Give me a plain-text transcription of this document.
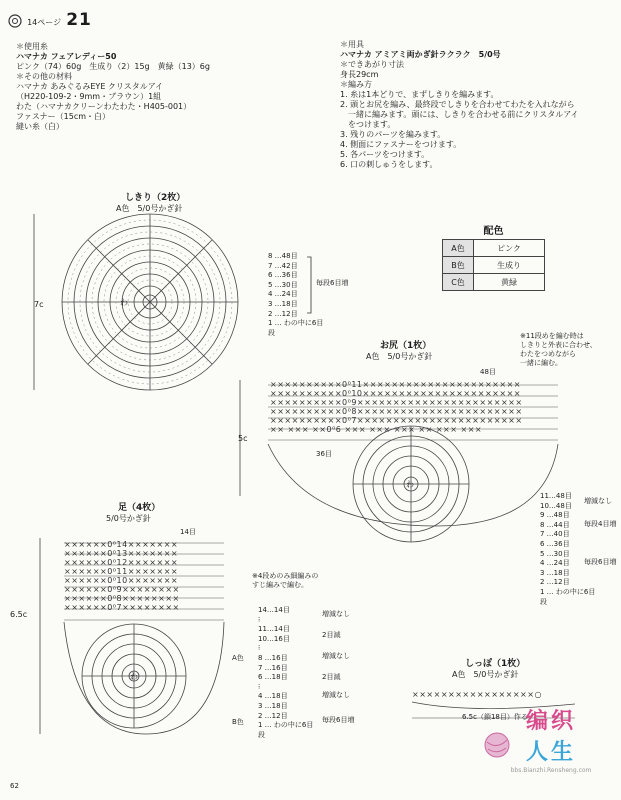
14ページ 21
＊使用糸
ハマナカ フェアレディー50
ピンク（74）60g　生成り（2）15g　黄緑（13）6g
＊その他の材料
ハマナカ あみぐるみEYE クリスタルアイ
（H220-109-2・9mm・ブラウン）1組
わた（ハマナカクリーンわたわた・H405-001）
ファスナー（15cm・白）
縫い糸（白）
＊用具
ハマナカ アミアミ両かぎ針ラクラク　5/0号
＊できあがり寸法
身長29cm
＊編み方
1. 糸は1本どりで、まずしきりを編みます。
2. 頭とお尻を編み、最終段でしきりを合わせてわたを入れながら
　一緒に編みます。頭には、しきりを合わせる前にクリスタルアイ
　をつけます。
3. 残りのパーツを編みます。
4. 側面にファスナーをつけます。
5. 各パーツをつけます。
6. 口の刺しゅうをします。
配色
A色	ピンク
B色	生成り
C色	黄緑
しきり（2枚）
A色　5/0号かぎ針
わ
7c
8 …48目
7 …42目
6 …36目
5 …30目
4 …24目
3 …18目
2 …12目
1 … わの中に6目
段
毎段6目増
お尻（1枚）
A色　5/0号かぎ針
※11段めを編む時は
しきりと外表に合わせ、
わたをつめながら
一緒に編む。
48目
××××××××××0⁰11××××××××××××××××××××××
××××××××××0⁰10××××××××××××××××××××××
××××××××××0⁰9×××××××××××××××××××××××
××××××××××0⁰8×××××××××××××××××××××××
××××××××××0⁰7×××××××××××××××××××××××
×× ××× ××0⁰6 ××× ××× ××× ×× ××× ×××
5c
36目
わ
11…48目
10…48目
9 …48目
8 …44目
7 …40目
6 …36目
5 …30目
4 …24目
3 …18目
2 …12目
1 … わの中に6目
段
増減なし
毎段4目増
毎段6目増
足（4枚）
5/0号かぎ針
14目
××××××0⁰14×××××××
××××××0⁰13×××××××
××××××0⁰12×××××××
××××××0⁰11×××××××
××××××0⁰10×××××××
××××××0⁰9××××××××
××××××0⁰8××××××××
××××××0⁰7××××××××
6.5c
わ
※4段めのみ細編みの
すじ編みで編む。
A色
B色
14…14目
⁝
11…14目
10…16目
⁝
8 …16目
7 …16目
6 …18目
⁝
4 …18目
3 …18目
2 …12目
1 … わの中に6目
段
増減なし
2目減
増減なし
2目減
増減なし
毎段6目増
しっぽ（1枚）
A色　5/0号かぎ針
×××××××××××××××××○
6.5c（鎖18目）作る
62
编织
人生
bbs.Bianzhi.Rensheng.com
